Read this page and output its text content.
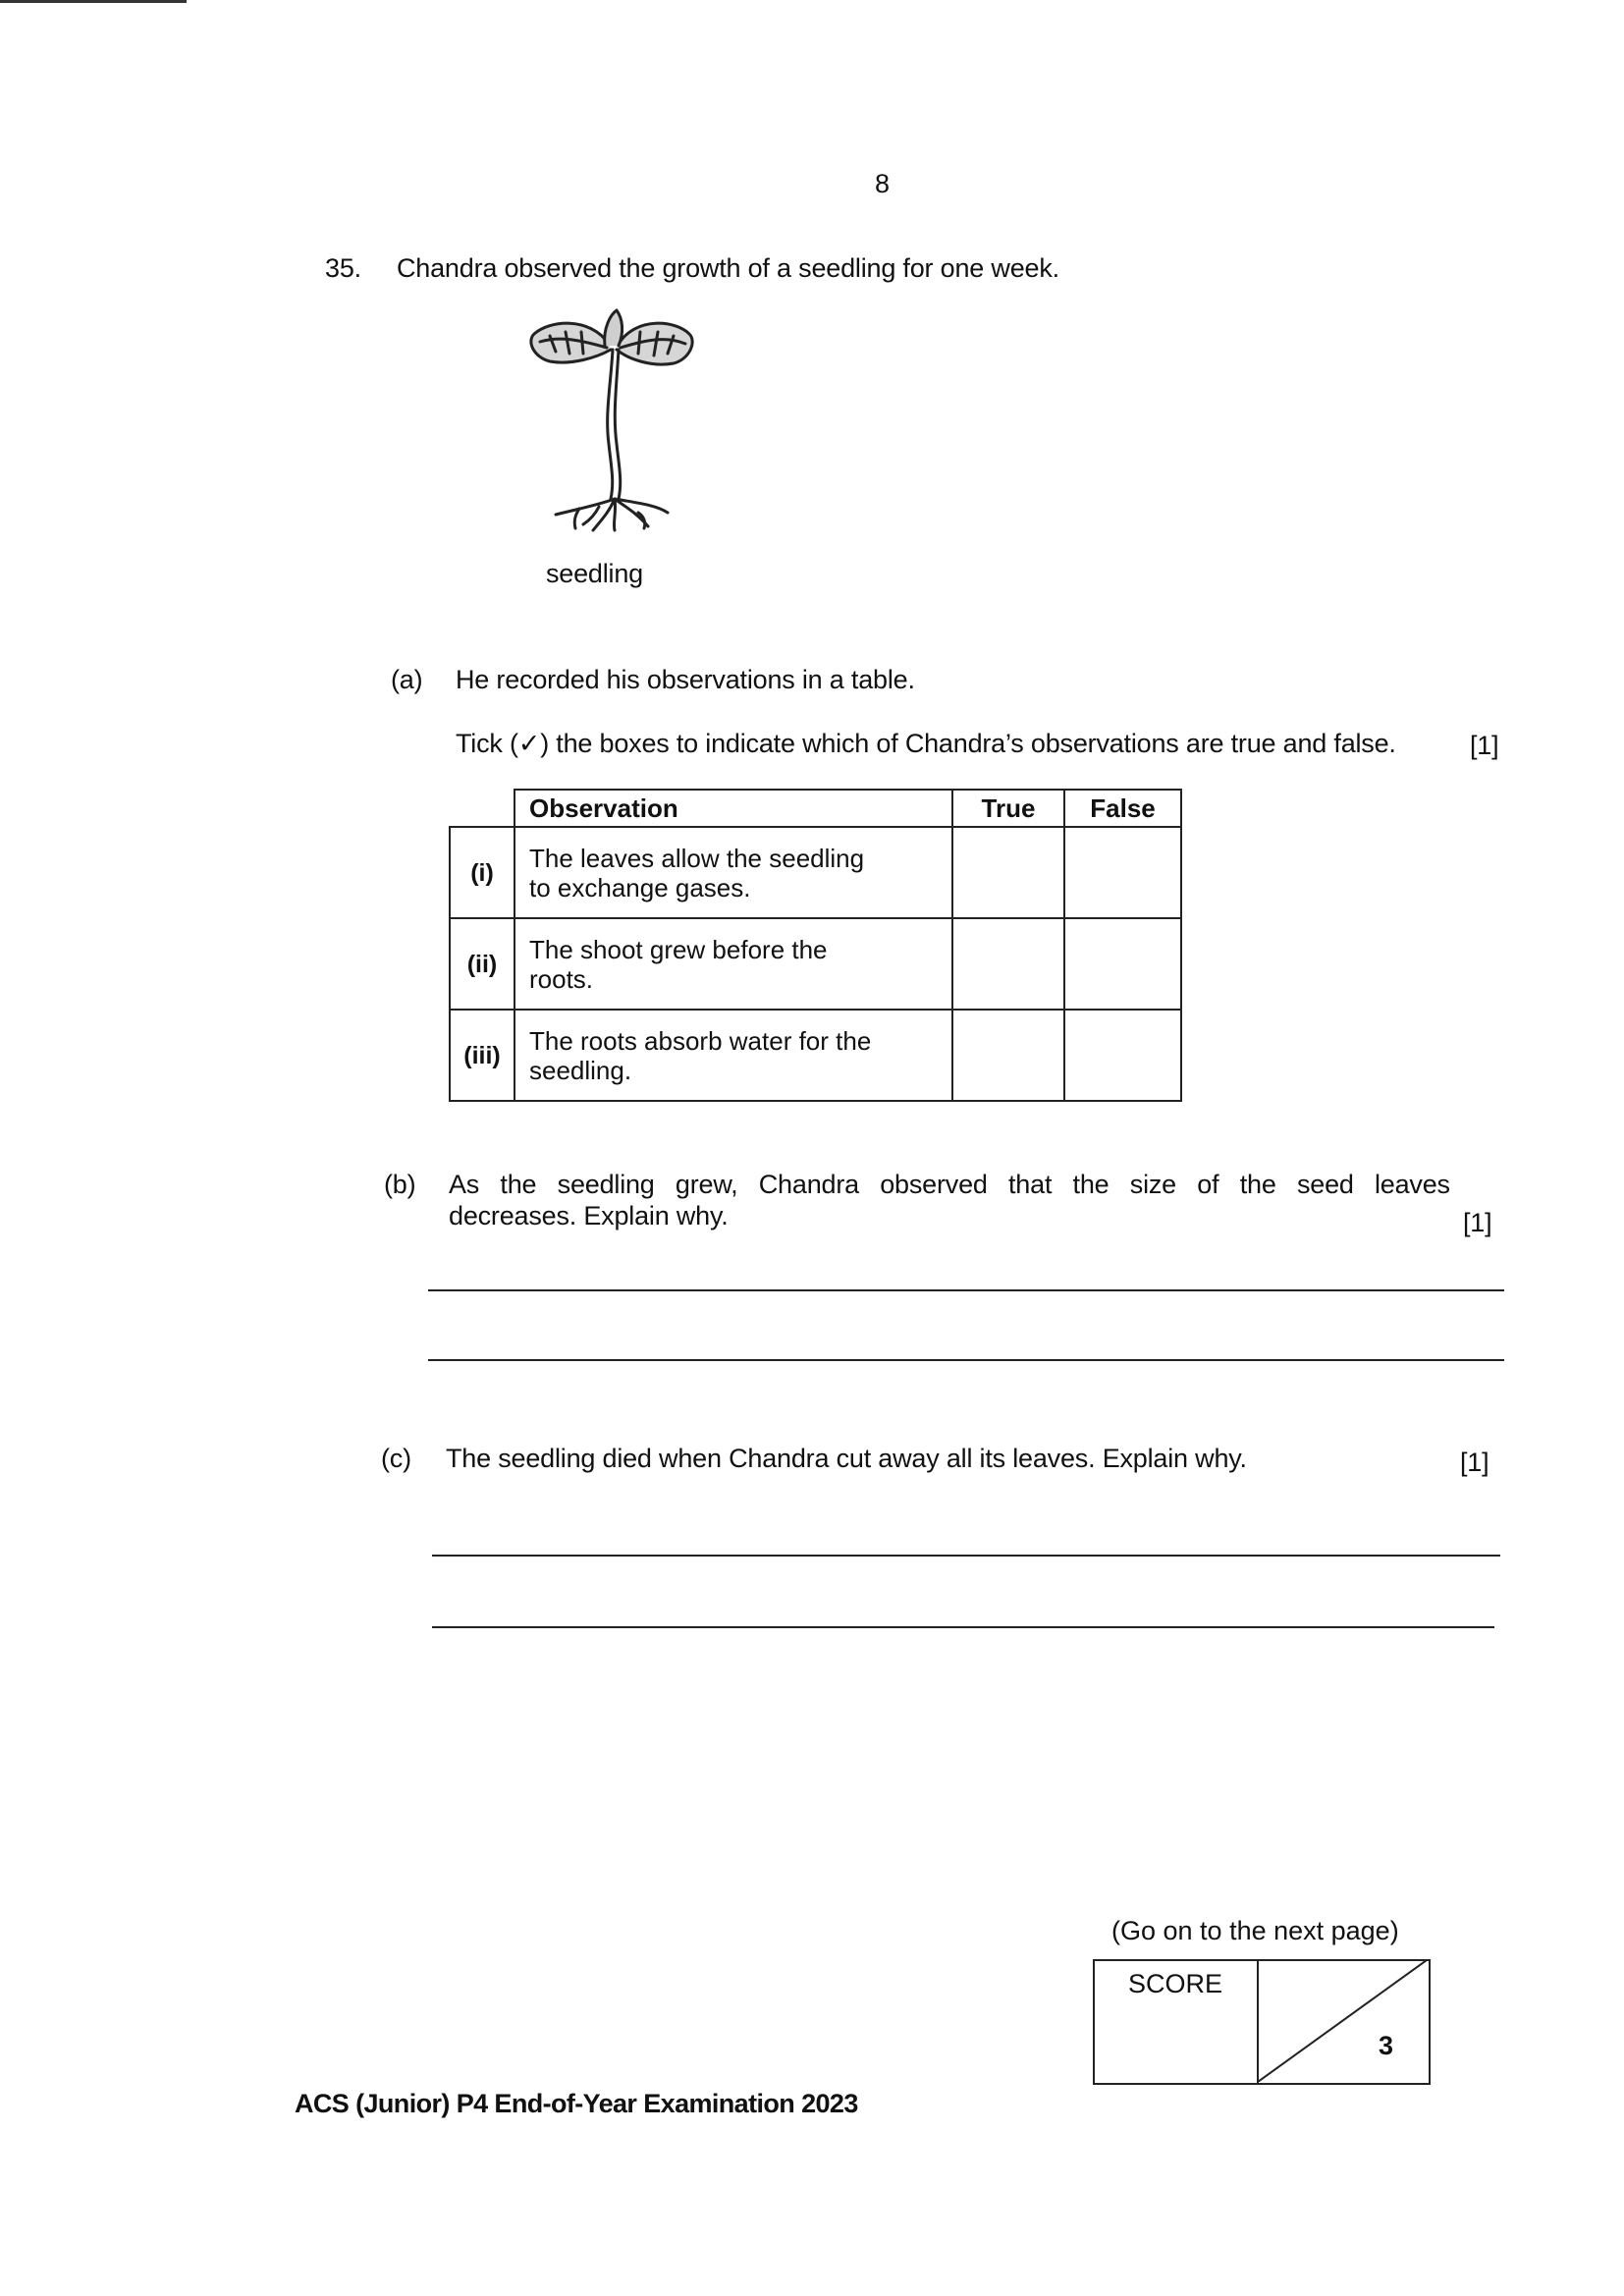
8
35. Chandra observed the growth of a seedling for one week.
seedling
(a) He recorded his observations in a table.
Tick (✓) the boxes to indicate which of Chandra’s observations are true and false.	[1]
	Observation	True	False
(i)	The leaves allow the seedling
to exchange gases.		

(ii)	The shoot grew before the
roots.		

(iii)	The roots absorb water for the
seedling.		

(b) As the seedling grew, Chandra observed that the size of the seed leaves
decreases. Explain why.	[1]
(c) The seedling died when Chandra cut away all its leaves. Explain why.	[1]
(Go on to the next page)
SCORE
3
ACS (Junior) P4 End-of-Year Examination 2023
